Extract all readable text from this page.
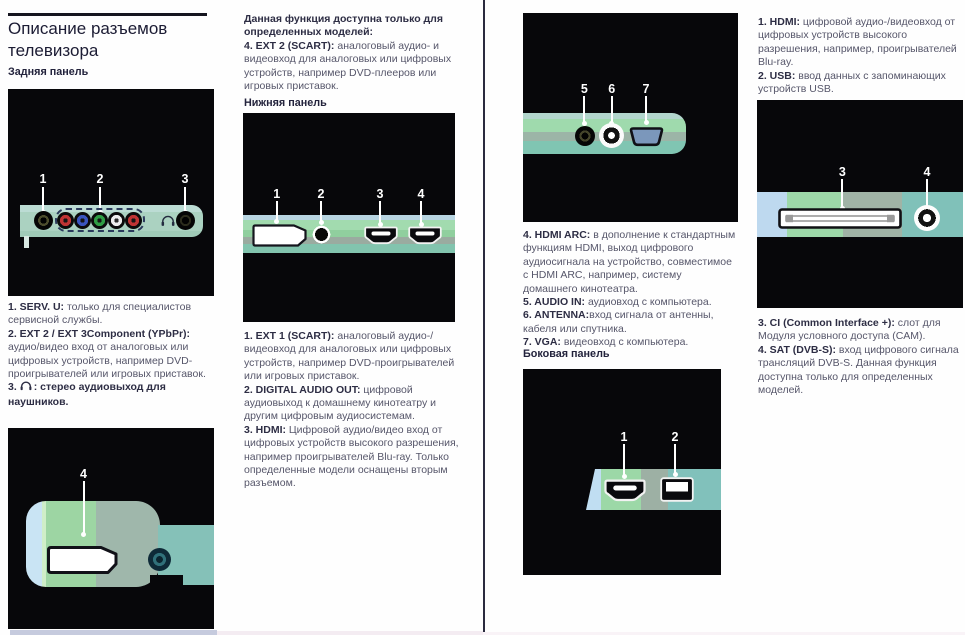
Описание разъемов телевизора
Задняя панель
1	2	3

1. SERV. U: только для специалистов сервисной службы.

2. EXT 2 / EXT 3Component (YPbPr): аудио/видео вход от аналоговых или цифровых устройств, например DVD-проигрывателей или игровых приставок.

3. : стерео аудиовыход для наушников.

4

Данная функция доступна только для определенных моделей:

4. EXT 2 (SCART): аналоговый аудио- и видеовход для аналоговых или цифровых устройств, например DVD-плееров или игровых приставок.

Нижняя панель
1	2	3	4

1. EXT 1 (SCART): аналоговый аудио-/видеовход для аналоговых или цифровых устройств, например DVD-проигрывателей или игровых приставок.

2. DIGITAL AUDIO OUT: цифровой аудиовыход к домашнему кинотеатру и другим цифровым аудиосистемам.

3. HDMI: Цифровой аудио/видео вход от цифровых устройств высокого разрешения, например проигрывателей Blu-ray. Только определенные модели оснащены вторым разъемом.

5 6 7

4. HDMI ARC: в дополнение к стандартным функциям HDMI, выход цифрового аудиосигнала на устройство, совместимое с HDMI ARC, например, систему домашнего кинотеатра.

5. AUDIO IN: аудиовход с компьютера.

6. ANTENNA:вход сигнала от антенны, кабеля или спутника.

7. VGA: видеовход с компьютера.

Боковая панель
1	2

1. HDMI: цифровой аудио-/видеовход от цифровых устройств высокого разрешения, например, проигрывателей Blu-ray.

2. USB: ввод данных с запоминающих устройств USB.

3	4

3. CI (Common Interface +): слот для Модуля условного доступа (CAM).

4. SAT (DVB-S): вход цифрового сигнала трансляций DVB-S. Данная функция доступна только для определенных моделей.
